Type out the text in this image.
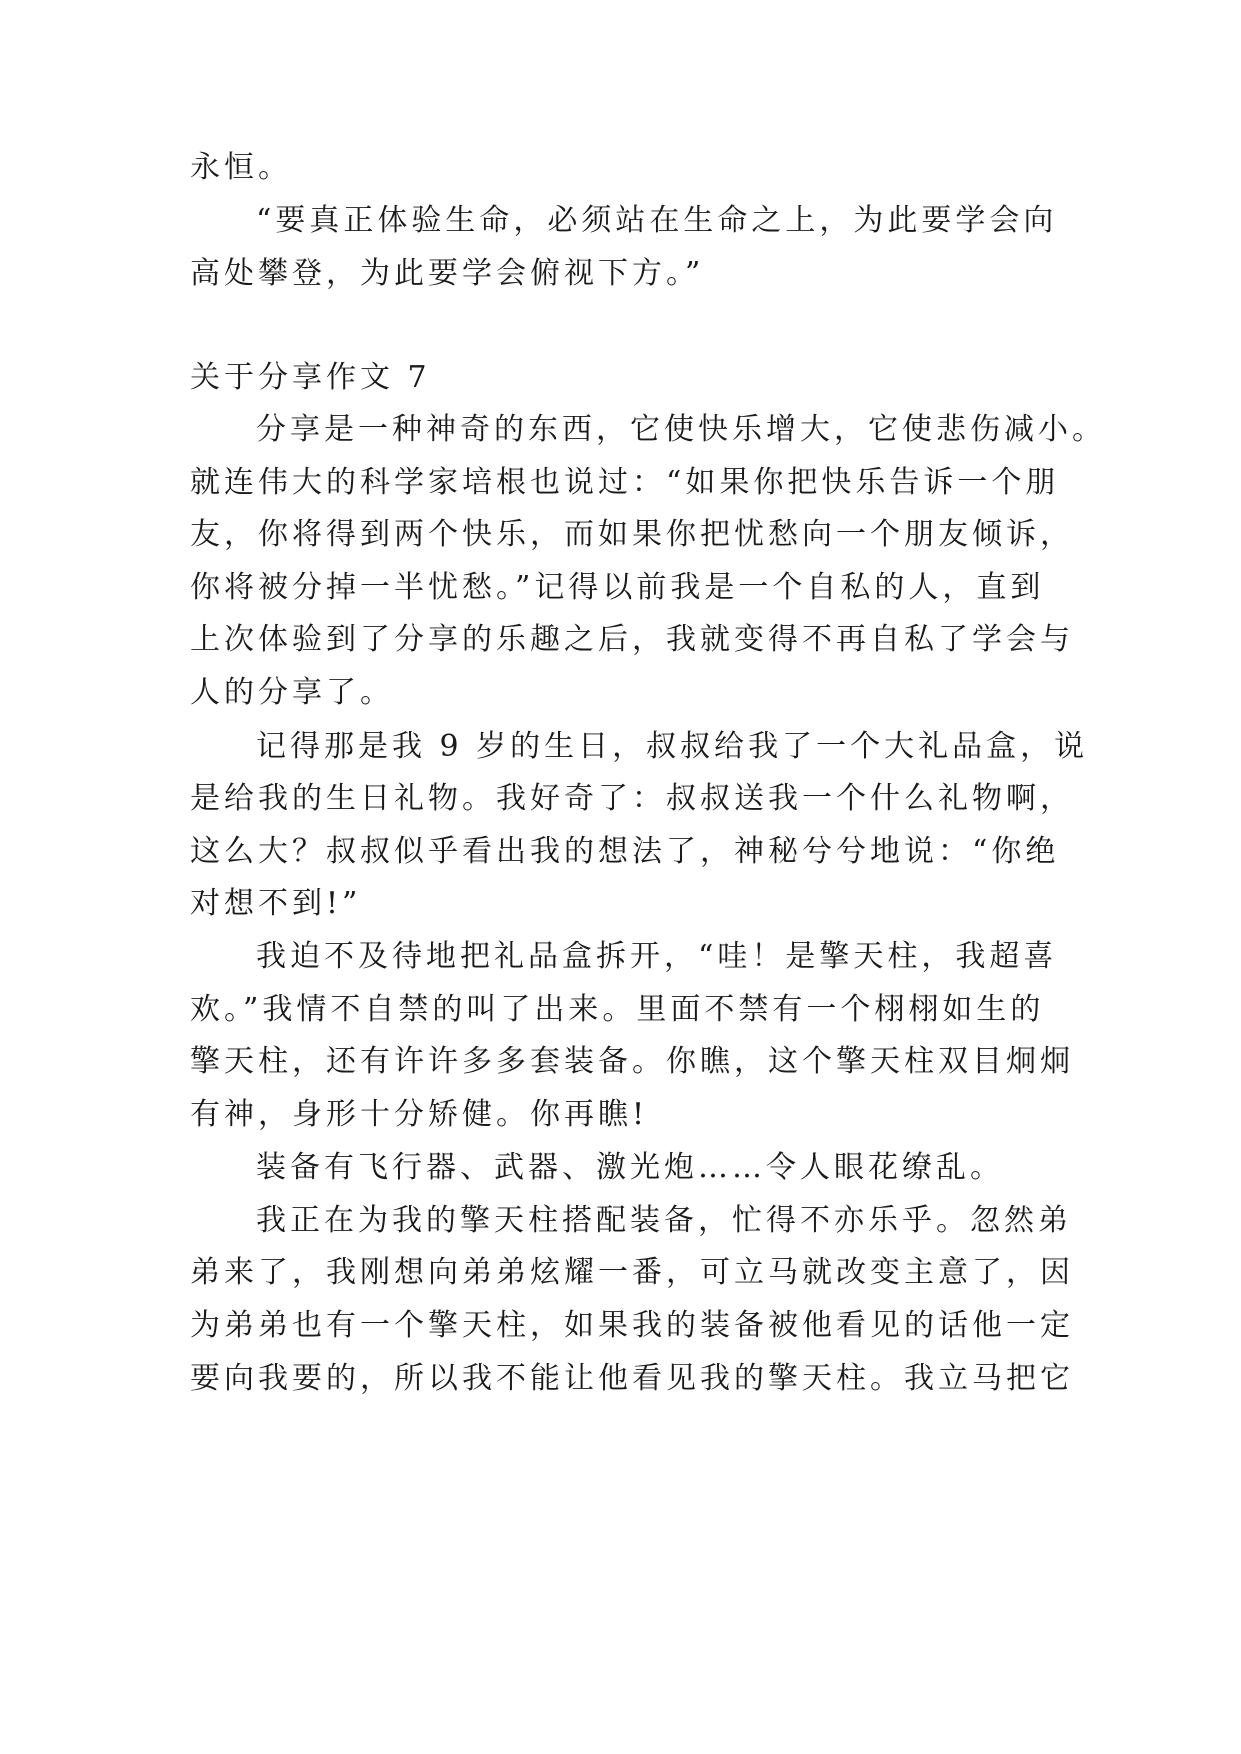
永恒。
“要真正体验生命，必须站在生命之上，为此要学会向
高处攀登，为此要学会俯视下方。”
关于分享作文 7
分享是一种神奇的东西，它使快乐增大，它使悲伤减小。
就连伟大的科学家培根也说过：“如果你把快乐告诉一个朋
友，你将得到两个快乐，而如果你把忧愁向一个朋友倾诉，
你将被分掉一半忧愁。”记得以前我是一个自私的人，直到
上次体验到了分享的乐趣之后，我就变得不再自私了学会与
人的分享了。
记得那是我 9 岁的生日，叔叔给我了一个大礼品盒，说
是给我的生日礼物。我好奇了：叔叔送我一个什么礼物啊，
这么大？叔叔似乎看出我的想法了，神秘兮兮地说：“你绝
对想不到!”
我迫不及待地把礼品盒拆开，“哇！是擎天柱，我超喜
欢。”我情不自禁的叫了出来。里面不禁有一个栩栩如生的
擎天柱，还有许许多多套装备。你瞧，这个擎天柱双目炯炯
有神，身形十分矫健。你再瞧!
装备有飞行器、武器、激光炮……令人眼花缭乱。
我正在为我的擎天柱搭配装备，忙得不亦乐乎。忽然弟
弟来了，我刚想向弟弟炫耀一番，可立马就改变主意了，因
为弟弟也有一个擎天柱，如果我的装备被他看见的话他一定
要向我要的，所以我不能让他看见我的擎天柱。我立马把它
